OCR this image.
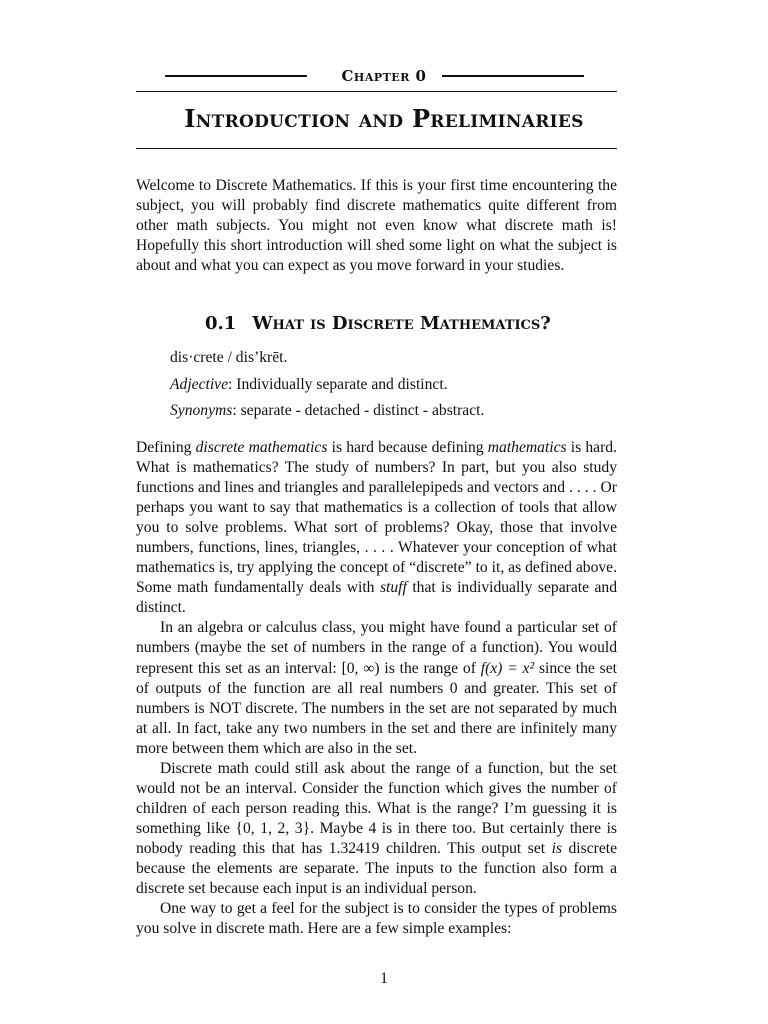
Chapter 0
Introduction and Preliminaries
Welcome to Discrete Mathematics. If this is your first time encountering the subject, you will probably find discrete mathematics quite different from other math subjects. You might not even know what discrete math is! Hopefully this short introduction will shed some light on what the subject is about and what you can expect as you move forward in your studies.
0.1 What is Discrete Mathematics?
dis·crete / dis’krēt.
Adjective: Individually separate and distinct.
Synonyms: separate - detached - distinct - abstract.

Defining discrete mathematics is hard because defining mathematics is hard. What is mathematics? The study of numbers? In part, but you also study functions and lines and triangles and parallelepipeds and vectors and . . . . Or perhaps you want to say that mathematics is a collection of tools that allow you to solve problems. What sort of problems? Okay, those that involve numbers, functions, lines, triangles, . . . . Whatever your conception of what mathematics is, try applying the concept of “discrete” to it, as defined above. Some math fundamentally deals with stuff that is individually separate and distinct.

In an algebra or calculus class, you might have found a particular set of numbers (maybe the set of numbers in the range of a function). You would represent this set as an interval: [0, ∞) is the range of f(x) = x² since the set of outputs of the function are all real numbers 0 and greater. This set of numbers is NOT discrete. The numbers in the set are not separated by much at all. In fact, take any two numbers in the set and there are infinitely many more between them which are also in the set.

Discrete math could still ask about the range of a function, but the set would not be an interval. Consider the function which gives the number of children of each person reading this. What is the range? I’m guessing it is something like {0, 1, 2, 3}. Maybe 4 is in there too. But certainly there is nobody reading this that has 1.32419 children. This output set is discrete because the elements are separate. The inputs to the function also form a discrete set because each input is an individual person.

One way to get a feel for the subject is to consider the types of problems you solve in discrete math. Here are a few simple examples:

1
